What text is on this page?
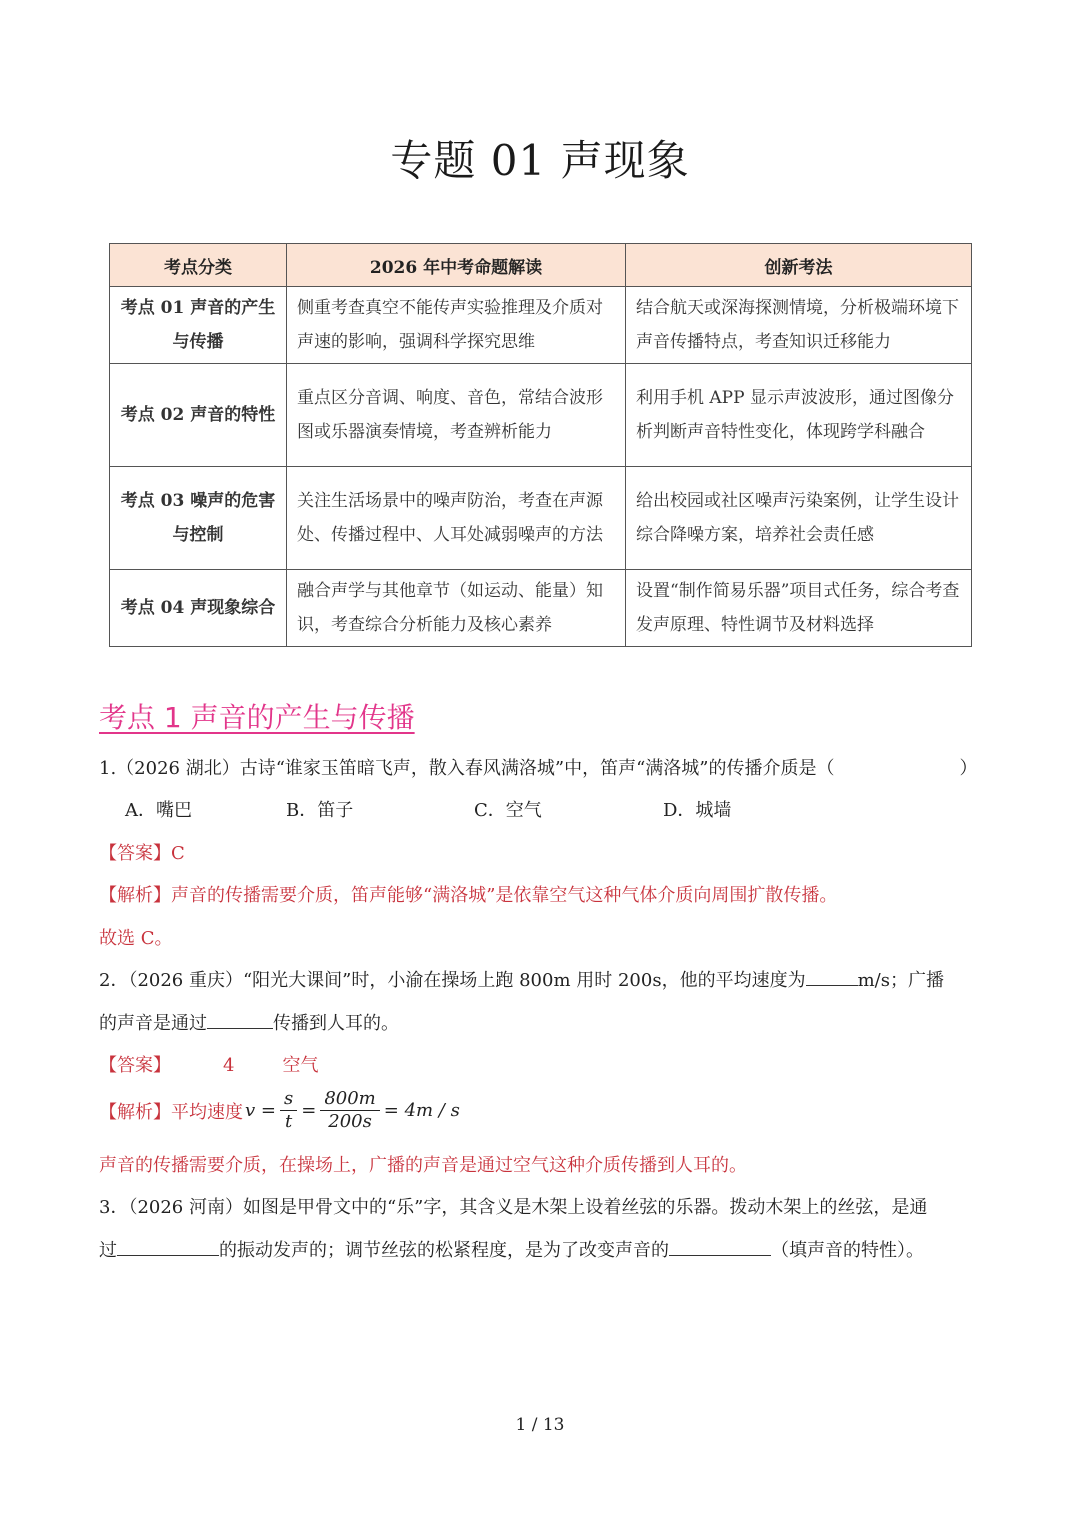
专题 01 声现象
考点分类	2026 年中考命题解读	创新考法
考点 01 声音的产生与传播	侧重考查真空不能传声实验推理及介质对声速的影响，强调科学探究思维	结合航天或深海探测情境，分析极端环境下声音传播特点，考查知识迁移能力
考点 02 声音的特性	重点区分音调、响度、音色，常结合波形图或乐器演奏情境，考查辨析能力	利用手机 APP 显示声波波形，通过图像分析判断声音特性变化，体现跨学科融合
考点 03 噪声的危害与控制	关注生活场景中的噪声防治，考查在声源处、传播过程中、人耳处减弱噪声的方法	给出校园或社区噪声污染案例，让学生设计综合降噪方案，培养社会责任感
考点 04 声现象综合	融合声学与其他章节（如运动、能量）知识，考查综合分析能力及核心素养	设置“制作简易乐器”项目式任务，综合考查发声原理、特性调节及材料选择
考点 1 声音的产生与传播
1.（2026 湖北）古诗“谁家玉笛暗飞声，散入春风满洛城”中，笛声“满洛城”的传播介质是（	）
A．嘴巴	B．笛子	C．空气	D．城墙
【答案】C
【解析】声音的传播需要介质，笛声能够“满洛城”是依靠空气这种气体介质向周围扩散传播。
故选 C。
2．（2026 重庆）“阳光大课间”时，小渝在操场上跑 800m 用时 200s，他的平均速度为	m/s；广播
的声音是通过	传播到人耳的。
【答案】	4	空气
【解析】 平均速度 $v = \frac{s}{t} = \frac{800m}{200s} = 4m / s$
声音的传播需要介质，在操场上，广播的声音是通过空气这种介质传播到人耳的。
3．（2026 河南）如图是甲骨文中的“乐”字，其含义是木架上设着丝弦的乐器。拨动木架上的丝弦，是通
过	的振动发声的；调节丝弦的松紧程度，是为了改变声音的	（填声音的特性）。
1 / 13
